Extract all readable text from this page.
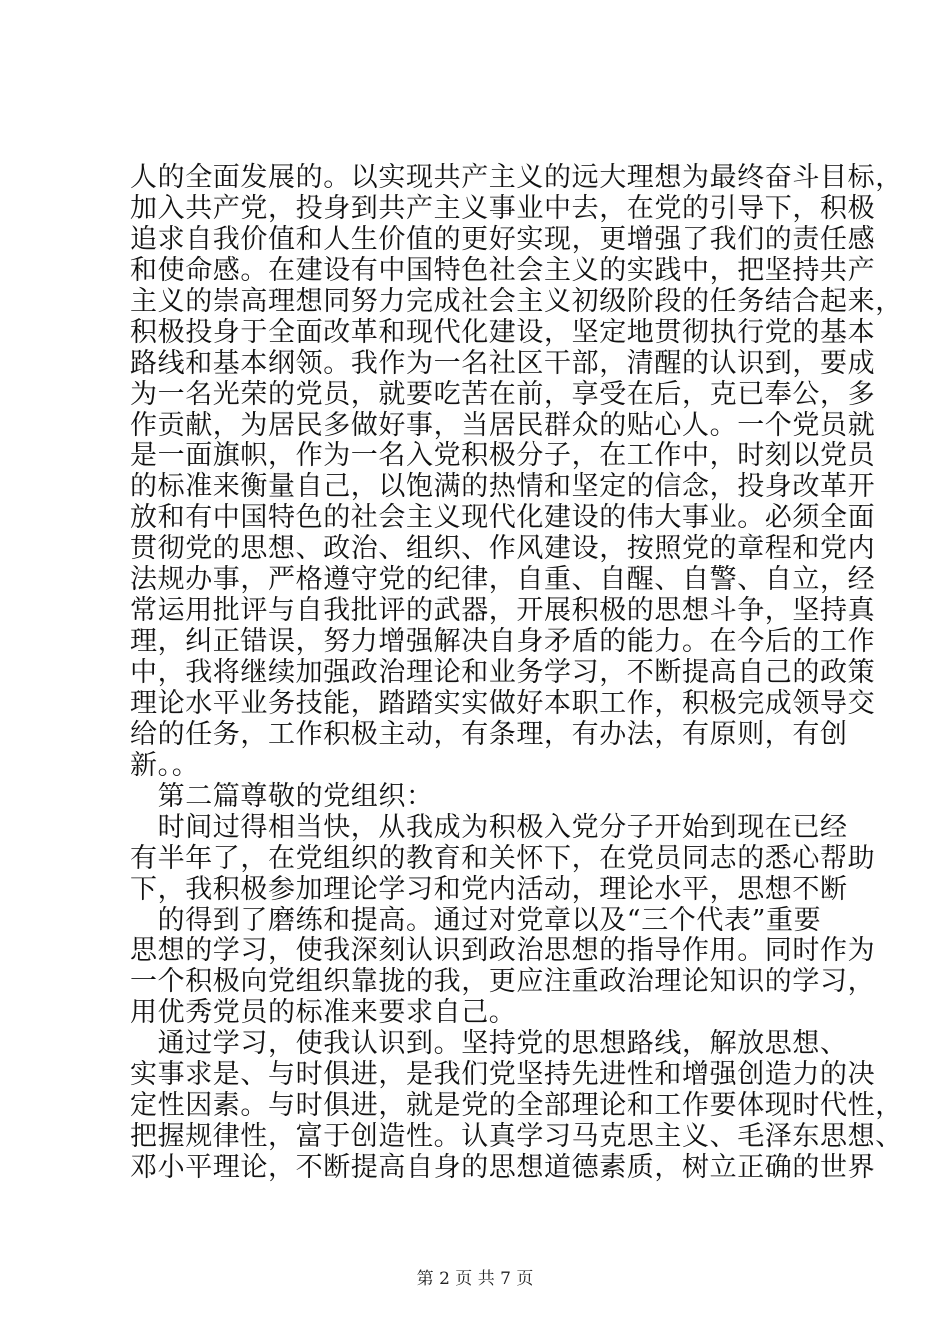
人的全面发展的。以实现共产主义的远大理想为最终奋斗目标，
加入共产党，投身到共产主义事业中去，在党的引导下，积极
追求自我价值和人生价值的更好实现，更增强了我们的责任感
和使命感。在建设有中国特色社会主义的实践中，把坚持共产
主义的崇高理想同努力完成社会主义初级阶段的任务结合起来，
积极投身于全面改革和现代化建设，坚定地贯彻执行党的基本
路线和基本纲领。我作为一名社区干部，清醒的认识到，要成
为一名光荣的党员，就要吃苦在前，享受在后，克已奉公，多
作贡献，为居民多做好事，当居民群众的贴心人。一个党员就
是一面旗帜，作为一名入党积极分子，在工作中，时刻以党员
的标准来衡量自己，以饱满的热情和坚定的信念，投身改革开
放和有中国特色的社会主义现代化建设的伟大事业。必须全面
贯彻党的思想、政治、组织、作风建设，按照党的章程和党内
法规办事，严格遵守党的纪律，自重、自醒、自警、自立，经
常运用批评与自我批评的武器，开展积极的思想斗争，坚持真
理，纠正错误，努力增强解决自身矛盾的能力。在今后的工作
中，我将继续加强政治理论和业务学习，不断提高自己的政策
理论水平业务技能，踏踏实实做好本职工作，积极完成领导交
给的任务，工作积极主动，有条理，有办法，有原则，有创
新。。
　第二篇尊敬的党组织：
　时间过得相当快，从我成为积极入党分子开始到现在已经
有半年了，在党组织的教育和关怀下，在党员同志的悉心帮助
下，我积极参加理论学习和党内活动，理论水平，思想不断
　的得到了磨练和提高。通过对党章以及“三个代表”重要
思想的学习，使我深刻认识到政治思想的指导作用。同时作为
一个积极向党组织靠拢的我，更应注重政治理论知识的学习，
用优秀党员的标准来要求自己。
　通过学习，使我认识到。坚持党的思想路线，解放思想、
实事求是、与时俱进，是我们党坚持先进性和增强创造力的决
定性因素。与时俱进，就是党的全部理论和工作要体现时代性，
把握规律性，富于创造性。认真学习马克思主义、毛泽东思想、
邓小平理论，不断提高自身的思想道德素质，树立正确的世界
第 2 页 共 7 页
